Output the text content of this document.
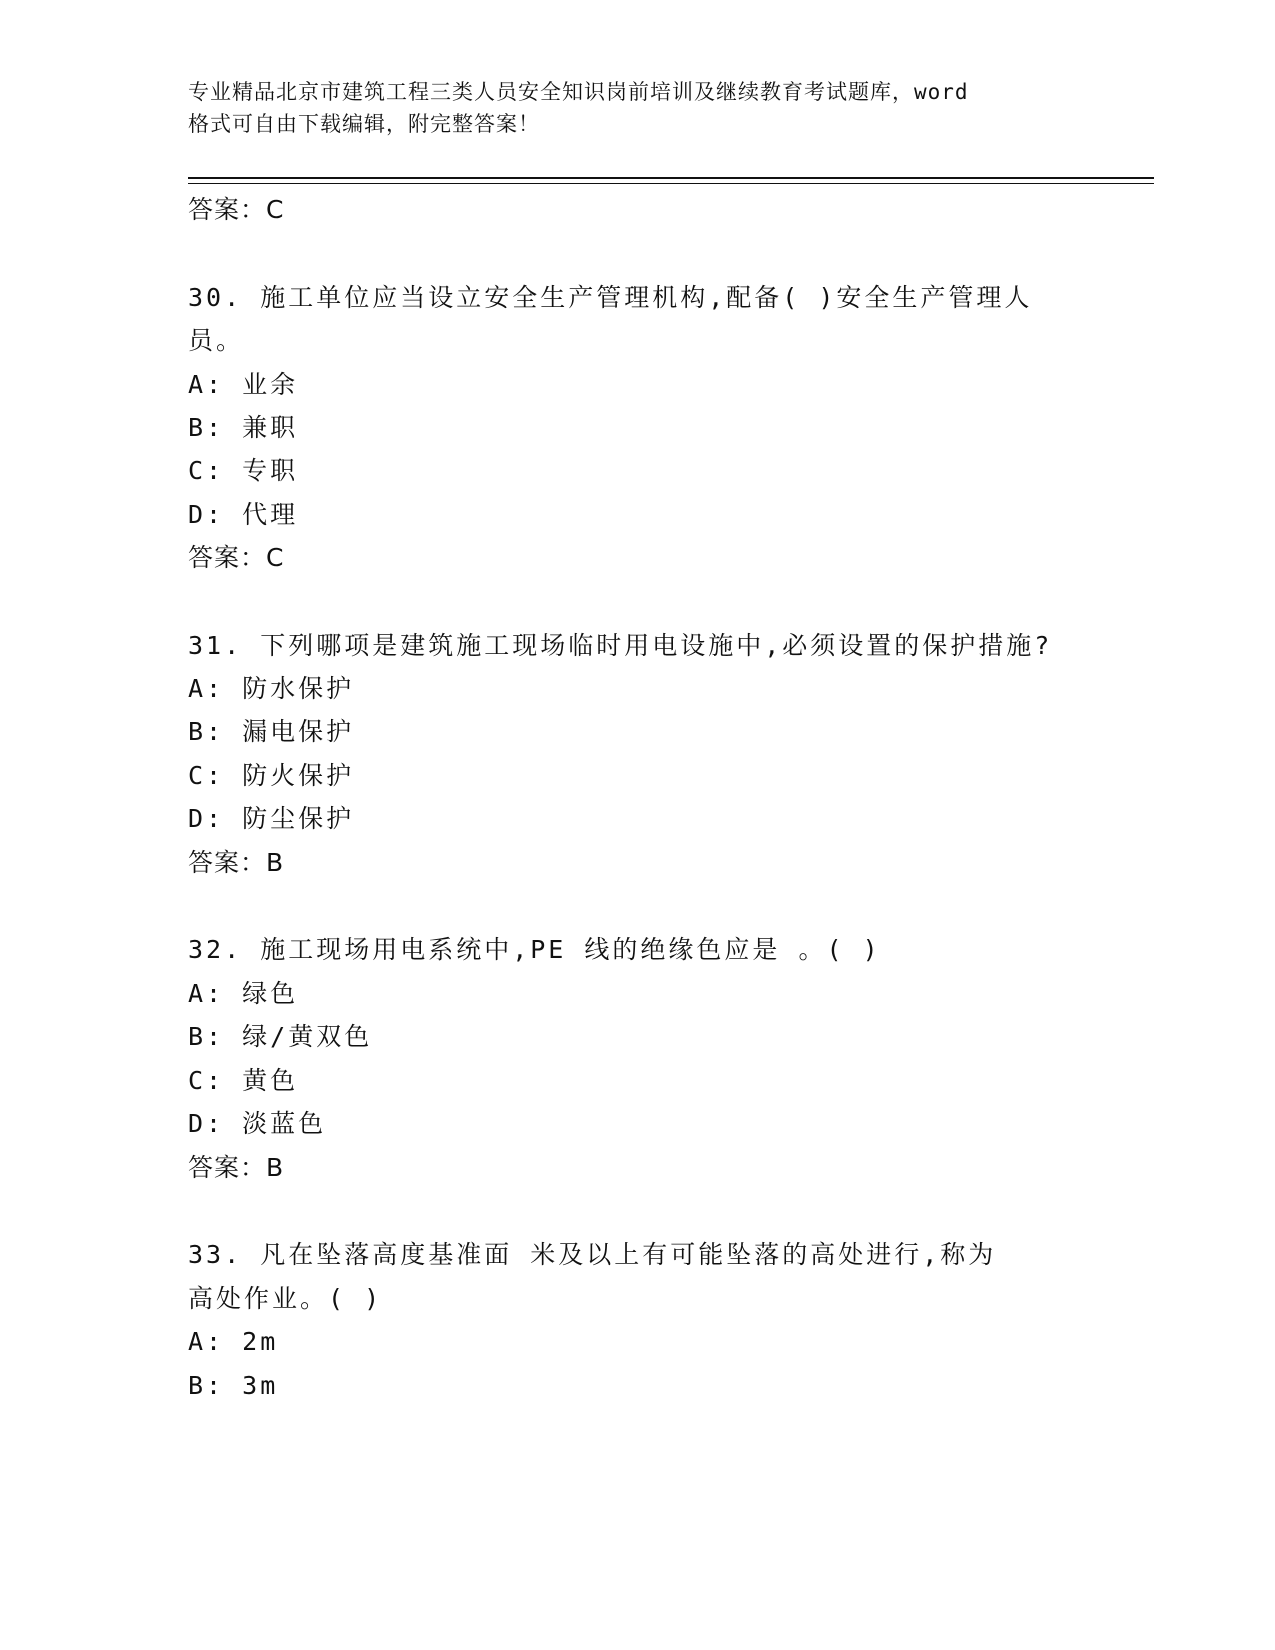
专业精品北京市建筑工程三类人员安全知识岗前培训及继续教育考试题库，word
格式可自由下载编辑，附完整答案！
答案：C
30. 施工单位应当设立安全生产管理机构,配备( )安全生产管理人
员。
A: 业余
B: 兼职
C: 专职
D: 代理
答案：C
31. 下列哪项是建筑施工现场临时用电设施中,必须设置的保护措施?
A: 防水保护
B: 漏电保护
C: 防火保护
D: 防尘保护
答案：B
32. 施工现场用电系统中,PE 线的绝缘色应是 。( )
A: 绿色
B: 绿/黄双色
C: 黄色
D: 淡蓝色
答案：B
33. 凡在坠落高度基准面 米及以上有可能坠落的高处进行,称为
高处作业。( )
A: 2m
B: 3m
